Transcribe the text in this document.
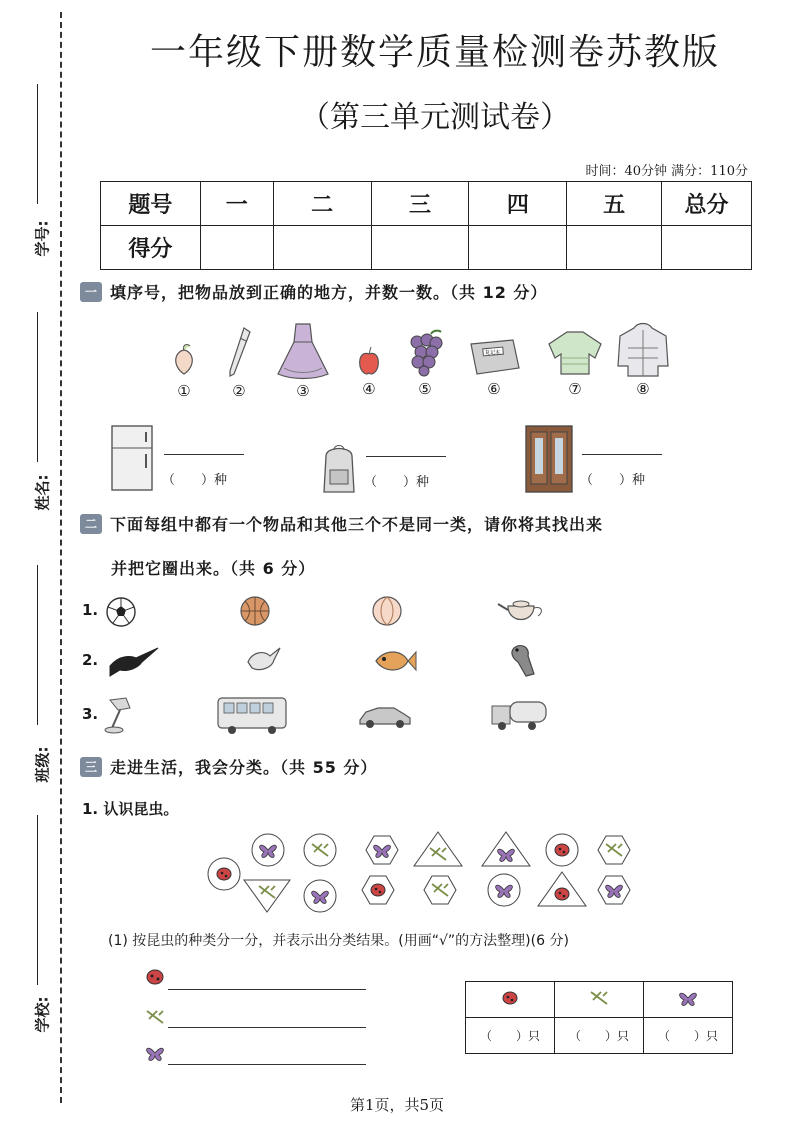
学号:
姓名:
班级:
学校:
一年级下册数学质量检测卷苏教版
（第三单元测试卷）
时间：40分钟 满分：110分
题号	一	二	三	四	五	总分
得分						
一 填序号，把物品放到正确的地方，并数一数。（共 12 分）
①	②	③	④	⑤
复记本
⑥	⑦	⑧
（　　）种	（　　）种	（　　）种
二 下面每组中都有一个物品和其他三个不是同一类，请你将其找出来
并把它圈出来。（共 6 分）
1.
2.
3.
三 走进生活，我会分类。（共 55 分）
1. 认识昆虫。
(1) 按昆虫的种类分一分，并表示出分类结果。(用画“√”的方法整理)(6 分)

（　　）只	（　　）只	（　　）只
第1页，共5页
